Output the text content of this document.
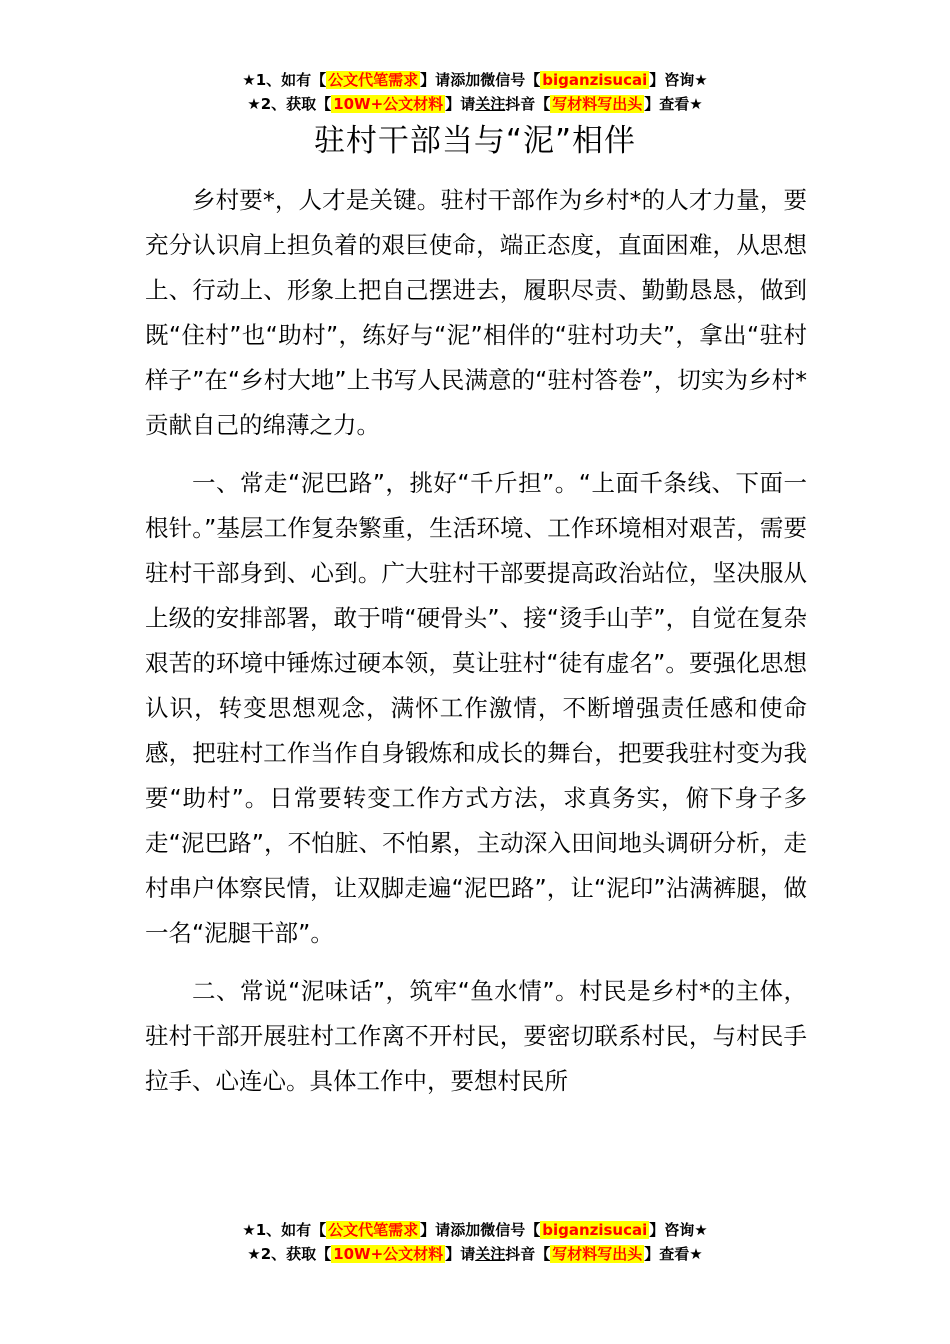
★1、如有【 公文代笔需求 】请添加微信号【 biganzisucai 】咨询★
★2、获取【 10W+公文材料 】请关注抖音【 写材料写出头 】查看★
驻村干部当与“泥”相伴

乡村要*，人才是关键。驻村干部作为乡村*的人才力量，要充分认识肩上担负着的艰巨使命，端正态度，直面困难，从思想上、行动上、形象上把自己摆进去，履职尽责、勤勤恳恳，做到既“住村”也“助村”，练好与“泥”相伴的“驻村功夫”，拿出“驻村样子”在“乡村大地”上书写人民满意的“驻村答卷”，切实为乡村*贡献自己的绵薄之力。

一、常走“泥巴路”，挑好“千斤担”。“上面千条线、下面一根针。”基层工作复杂繁重，生活环境、工作环境相对艰苦，需要驻村干部身到、心到。广大驻村干部要提高政治站位，坚决服从上级的安排部署，敢于啃“硬骨头”、接“烫手山芋”，自觉在复杂艰苦的环境中锤炼过硬本领，莫让驻村“徒有虚名”。要强化思想认识，转变思想观念，满怀工作激情，不断增强责任感和使命感，把驻村工作当作自身锻炼和成长的舞台，把要我驻村变为我要“助村”。日常要转变工作方式方法，求真务实，俯下身子多走“泥巴路”，不怕脏、不怕累，主动深入田间地头调研分析，走村串户体察民情，让双脚走遍“泥巴路”，让“泥印”沾满裤腿，做一名“泥腿干部”。

二、常说“泥味话”，筑牢“鱼水情”。村民是乡村*的主体，驻村干部开展驻村工作离不开村民，要密切联系村民，与村民手拉手、心连心。具体工作中，要想村民所

★1、如有【 公文代笔需求 】请添加微信号【 biganzisucai 】咨询★
★2、获取【 10W+公文材料 】请关注抖音【 写材料写出头 】查看★
